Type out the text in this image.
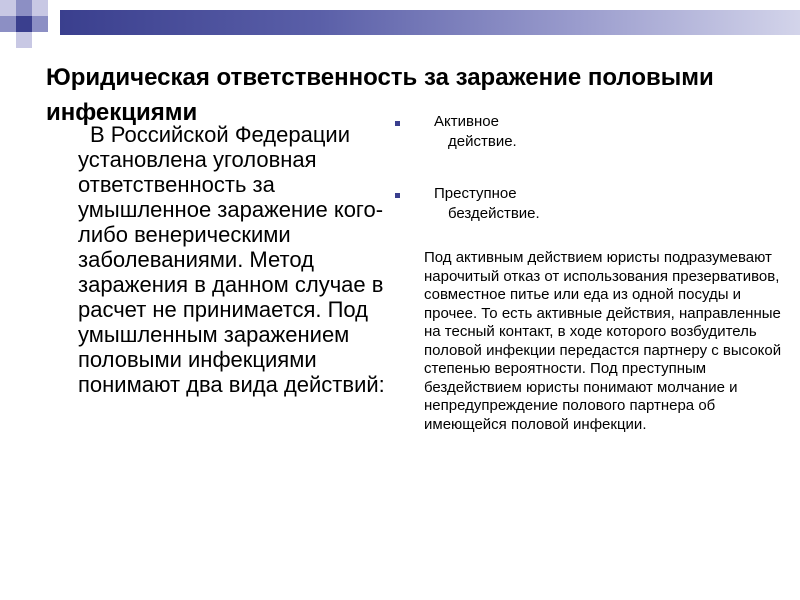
Юридическая ответственность за заражение половыми инфекциями

В Российской Федерации установлена уголовная ответственность за умышленное заражение кого-либо венерическими заболеваниями. Метод заражения в данном случае в расчет не принимается. Под умышленным заражением половыми инфекциями понимают два вида действий:

Активное
действие.
Преступное
бездействие.

Под активным действием юристы подразумевают нарочитый отказ от использования презервативов, совместное питье или еда из одной посуды и прочее. То есть активные действия, направленные на тесный контакт, в ходе которого возбудитель половой инфекции передастся партнеру с высокой степенью вероятности. Под преступным бездействием юристы понимают молчание и непредупреждение полового партнера об имеющейся половой инфекции.
